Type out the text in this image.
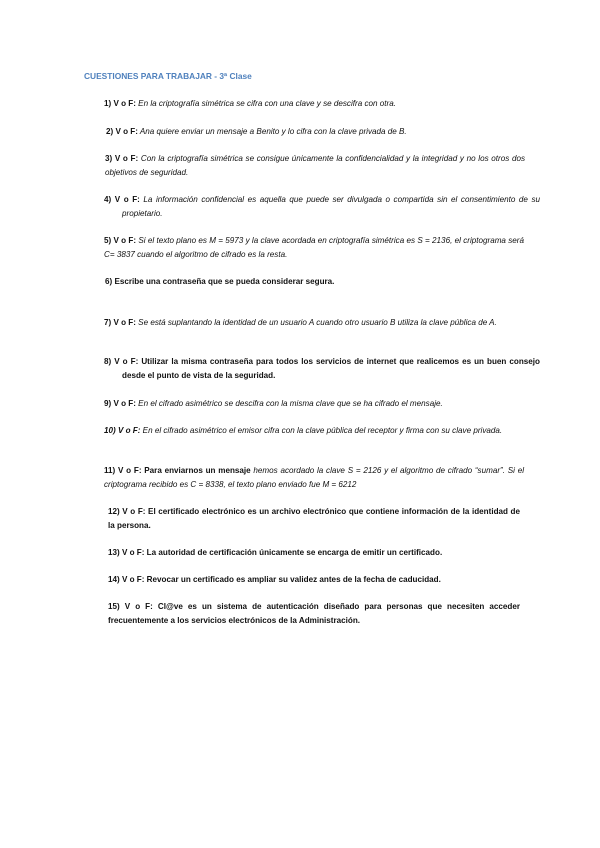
CUESTIONES PARA TRABAJAR - 3ª Clase
1) V o F: En la criptografía simétrica se cifra con una clave y se descifra con otra.
2) V o F: Ana quiere enviar un mensaje a Benito y lo cifra con la clave privada de B.
3) V o F: Con la criptografía simétrica se consigue únicamente la confidencialidad y la integridad y no los otros dos objetivos de seguridad.
4) V o F: La información confidencial es aquella que puede ser divulgada o compartida sin el consentimiento de su propietario.
5) V o F: Si el texto plano es M = 5973 y la clave acordada en criptografía simétrica es S = 2136, el criptograma será C= 3837 cuando el algoritmo de cifrado es la resta.
6) Escribe una contraseña que se pueda considerar segura.
7) V o F: Se está suplantando la identidad de un usuario A cuando otro usuario B utiliza la clave pública de A.
8) V o F: Utilizar la misma contraseña para todos los servicios de internet que realicemos es un buen consejo desde el punto de vista de la seguridad.
9) V o F: En el cifrado asimétrico se descifra con la misma clave que se ha cifrado el mensaje.
10) V o F: En el cifrado asimétrico el emisor cifra con la clave pública del receptor y firma con su clave privada.
11) V o F: Para enviarnos un mensaje hemos acordado la clave S = 2126 y el algoritmo de cifrado “sumar”. Si el criptograma recibido es C = 8338, el texto plano enviado fue M = 6212
12) V o F: El certificado electrónico es un archivo electrónico que contiene información de la identidad de la persona.
13) V o F: La autoridad de certificación únicamente se encarga de emitir un certificado.
14) V o F: Revocar un certificado es ampliar su validez antes de la fecha de caducidad.
15) V o F: Cl@ve es un sistema de autenticación diseñado para personas que necesiten acceder frecuentemente a los servicios electrónicos de la Administración.
